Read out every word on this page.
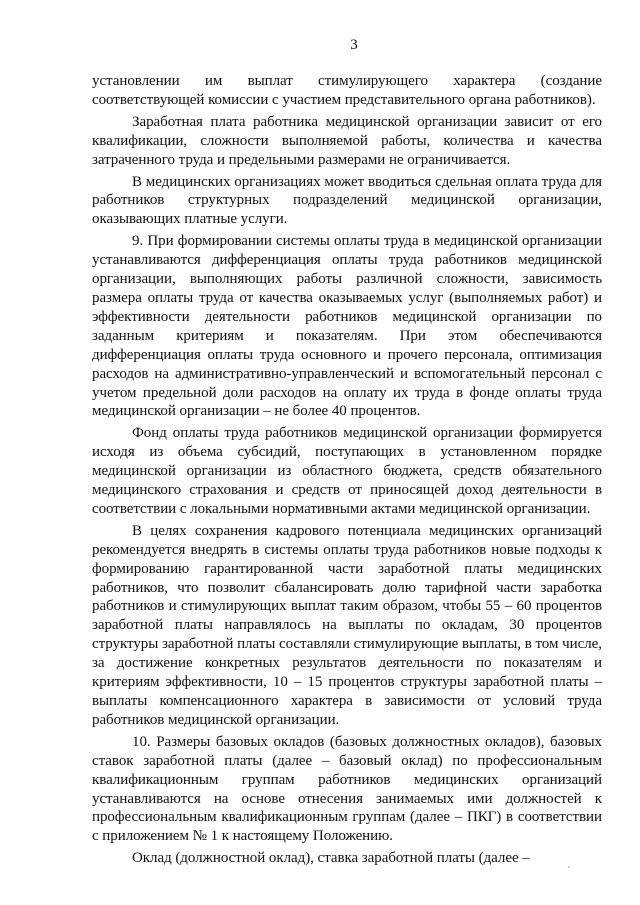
3

установлении им выплат стимулирующего характера (создание соответствующей комиссии с участием представительного органа работников).

Заработная плата работника медицинской организации зависит от его квалификации, сложности выполняемой работы, количества и качества затраченного труда и предельными размерами не ограничивается.

В медицинских организациях может вводиться сдельная оплата труда для работников структурных подразделений медицинской организации, оказывающих платные услуги.

9. При формировании системы оплаты труда в медицинской организации устанавливаются дифференциация оплаты труда работников медицинской организации, выполняющих работы различной сложности, зависимость размера оплаты труда от качества оказываемых услуг (выполняемых работ) и эффективности деятельности работников медицинской организации по заданным критериям и показателям. При этом обеспечиваются дифференциация оплаты труда основного и прочего персонала, оптимизация расходов на административно-управленческий и вспомогательный персонал с учетом предельной доли расходов на оплату их труда в фонде оплаты труда медицинской организации – не более 40 процентов.

Фонд оплаты труда работников медицинской организации формируется исходя из объема субсидий, поступающих в установленном порядке медицинской организации из областного бюджета, средств обязательного медицинского страхования и средств от приносящей доход деятельности в соответствии с локальными нормативными актами медицинской организации.

В целях сохранения кадрового потенциала медицинских организаций рекомендуется внедрять в системы оплаты труда работников новые подходы к формированию гарантированной части заработной платы медицинских работников, что позволит сбалансировать долю тарифной части заработка работников и стимулирующих выплат таким образом, чтобы 55 – 60 процентов заработной платы направлялось на выплаты по окладам, 30 процентов структуры заработной платы составляли стимулирующие выплаты, в том числе, за достижение конкретных результатов деятельности по показателям и критериям эффективности, 10 – 15 процентов структуры заработной платы – выплаты компенсационного характера в зависимости от условий труда работников медицинской организации.

10. Размеры базовых окладов (базовых должностных окладов), базовых ставок заработной платы (далее – базовый оклад) по профессиональным квалификационным группам работников медицинских организаций устанавливаются на основе отнесения занимаемых ими должностей к профессиональным квалификационным группам (далее – ПКГ) в соответствии с приложением № 1 к настоящему Положению.

Оклад (должностной оклад), ставка заработной платы (далее –
